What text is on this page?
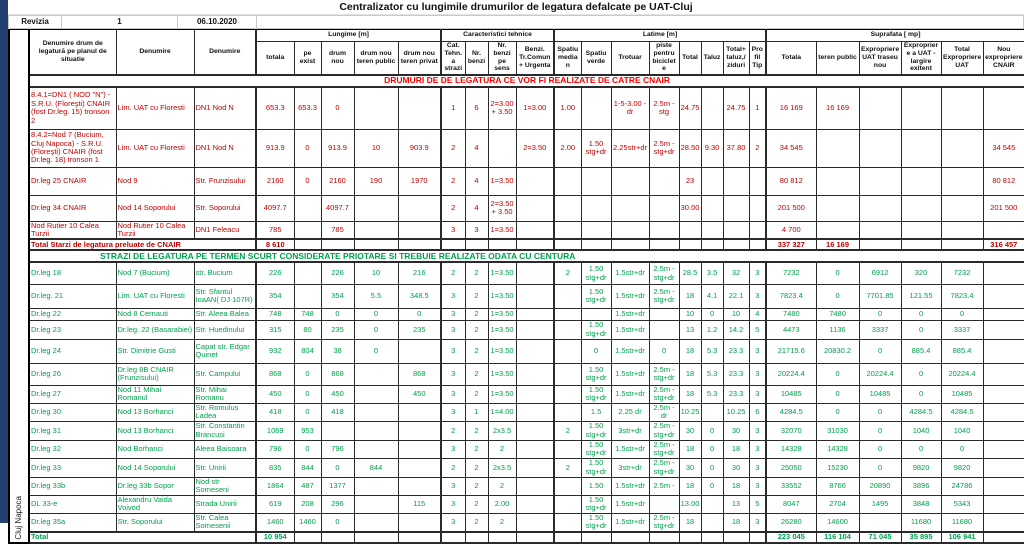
Centralizator cu lungimile drumurilor de legatura defalcate pe UAT-Cluj
Revizia	1	06.10.2020
	Denumire drum de legatură pe planul de situatie	Denumire	Denumire	Lungime [m]					Caracteristici tehnice				Latime [m]								Suprafata [ mp]					
				totala	pe exist	drum nou	drum nou teren public	drum nou teren privat	Cat. Tehn. a strazi	Nr. benzi	Nr. benzi pe sens	Benzi. Tr.Comun+ Urgenta	Spatiu median	Spatiu verde	Trotuar	piste pentru biciclete	Total	Taluz	Total+ taluz,/ ziduri	Profil Tip	Totala	teren public	Expropriere UAT traseu nou	Expropriere a UAT - largire exitent	Total Expropriere UAT	Nou expropriere CNAIR
	DRUMURI DE DE LEGATURA CE VOR FI REALIZATE DE CATRE CNAIR																									
	8.4.1=DN1 ( NOD "N") - S.R.U. (Floreşti) CNAIR (fost Dr.leg. 15) tronson 2	Lim. UAT cu Floresti	DN1 Nod N	653.3	653.3	0			1	6	2=3.00+ 3.50	1=3.00	1.00		1-5-3.00 -dr	2.5m - stg	24.75		24.75	1	16 169	16 169				
	8.4.2=Nod 7 (Bucium, Cluj Napoca) - S.R.U. (Floreşti) CNAIR (fost Dr.leg. 18) tronson 1	Lim. UAT cu Floresti	DN1 Nod N	913.9	0	913.9	10	903.9	2	4		2=3.50	2.00	1.50 stg+dr	2.25str+dr	2.5m - stg+dr	28.50	9.30	37.80	2	34 545					34 545
	Dr.leg 25 CNAIR	Nod 9	Str. Frunzisului	2160	0	2160	190	1970	2	4	1=3.50						23				80 812					80 812
	Dr.leg 34 CNAIR	Nod 14 Soporului	Str. Soporului	4097.7		4097.7			2	4	2=3.50+ 3.50						30.00				201 500					201 500
	Nod Rutier 10 Calea Turzii	Nod Rutier 10 Calea Turzii	DN1 Feleacu	785		785			3	3	1=3.50										4 700					
	Total Starzi de legatura preluate de CNAIR			8 610																	337 327	16 169				316 457

Cluj Napoca	STRAZI DE LEGATURA PE TERMEN SCURT CONSIDERATE PRIOTARE SI TREBUIE REALIZATE ODATA CU CENTURA																									
	Dr.leg 18	Nod 7 (Bucium)	str. Bucium	226		226	10	216	2	2	1=3.50		2	1.50 stg+dr	1.5str+dr	2.5m - stg+dr	28.5	3.5	32	3	7232	0	6912	320	7232	
	Dr.leg. 21	Lim. UAT cu Floresti	Str. Sfantul IoaAN( DJ 107R)	354		354	5.5	348.5	3	2	1=3.50			1.50 stg+dr	1.5str+dr	2.5m - stg+dr	18	4.1	22.1	3	7823.4	0	7701.85	121.55	7823.4	
	Dr.leg 22	Nod 8 Cernauti	Str. Aleea Balea	748	748	0	0	0	3	2	1=3.50				1.5str+dr		10	0	10	4	7480	7480	0	0	0	
	Dr.leg 23	Dr.leg. 22 (Basarabiei)	Str. Huedinului	315	80	235	0	235	3	2	1=3.50			1.50 stg+dr	1.5str+dr		13	1.2	14.2	5	4473	1136	3337	0	3337	
	Dr.leg 24	Str. Dimitrie Gusti	Capat str. Edgar Quinet	932	804	38	0		3	2	1=3.50			0	1.5str+dr	0	18	5.3	23.3	3	21715.6	20830.2	0	885.4	885.4	
	Dr.leg 26	Dr.leg 8B CNAIR (Frunzisului)	Str. Campului	868	0	868		868	3	2	1=3.50			1.50 stg+dr	1.5str+dr	2.5m - stg+dr	18	5.3	23.3	3	20224.4	0	20224.4	0	20224.4	
	Dr.leg 27	Nod 11 Mihai Romanul	Str. Mihai Romanu	450	0	450		450	3	2	1=3.50			1.50 stg+dr	1.5str+dr	2.5m - stg+dr	18	5.3	23.3	3	10485	0	10485	0	10485	
	Dr.leg 30	Nod 13 Borhanci	Str. Romulus Ladea	418	0	418			3	1	1=4.00			1.5	2.25 dr	2.5m -dr	10.25		10.25	6	4284.5	0	0	4284.5	4284.5	
	Dr.leg 31	Nod 13 Borhanci	Str. Constantin Brancusi	1069	953				2	2	2x3.5		2	1.50 stg+dr	3str+dr	2.5m - stg+dr	30	0	30	3	32070	31030	0	1040	1040	
	Dr.leg 32	Nod Borhanci	Aleea Baisoara	796	0	796			3	2	2			1.50 stg+dr	1.5str+dr	2.5m - stg+dr	18	0	18	3	14328	14328	0	0	0	
	Dr.leg 33	Nod 14 Soporului	Str. Unirii	835	844	0	844		2	2	2x3.5		2	1.50 stg+dr	3str+dr	2.5m - stg+dr	30	0	30	3	25050	15230	0	9820	9820	
	Dr.leg 33b	Dr.leg 33b Sopor	Nod str Someseni	1864	487	1377			3	2	2			1.50	1.5str+dr	2.5m -	18	0	18	3	33552	8766	20890	3896	24786	
	DL 33-e	Alexandru Vaida Voivod	Strada Unirii	619	208	296		115	3	2	2.00			1.50 stg+dr	1.5str+dr		13.00		13	5	8047	2704	1495	3848	5343	
	Dr.leg 35a	Str. Soporului	Str. Calea Somesenii	1460	1460	0			3	2	2			1.50 stg+dr	1.5str+dr	2.5m - stg+dr	18		18	3	26280	14600		11680	11680	
	Total			10 954																	223 045	116 104	71 045	35 895	106 941	
